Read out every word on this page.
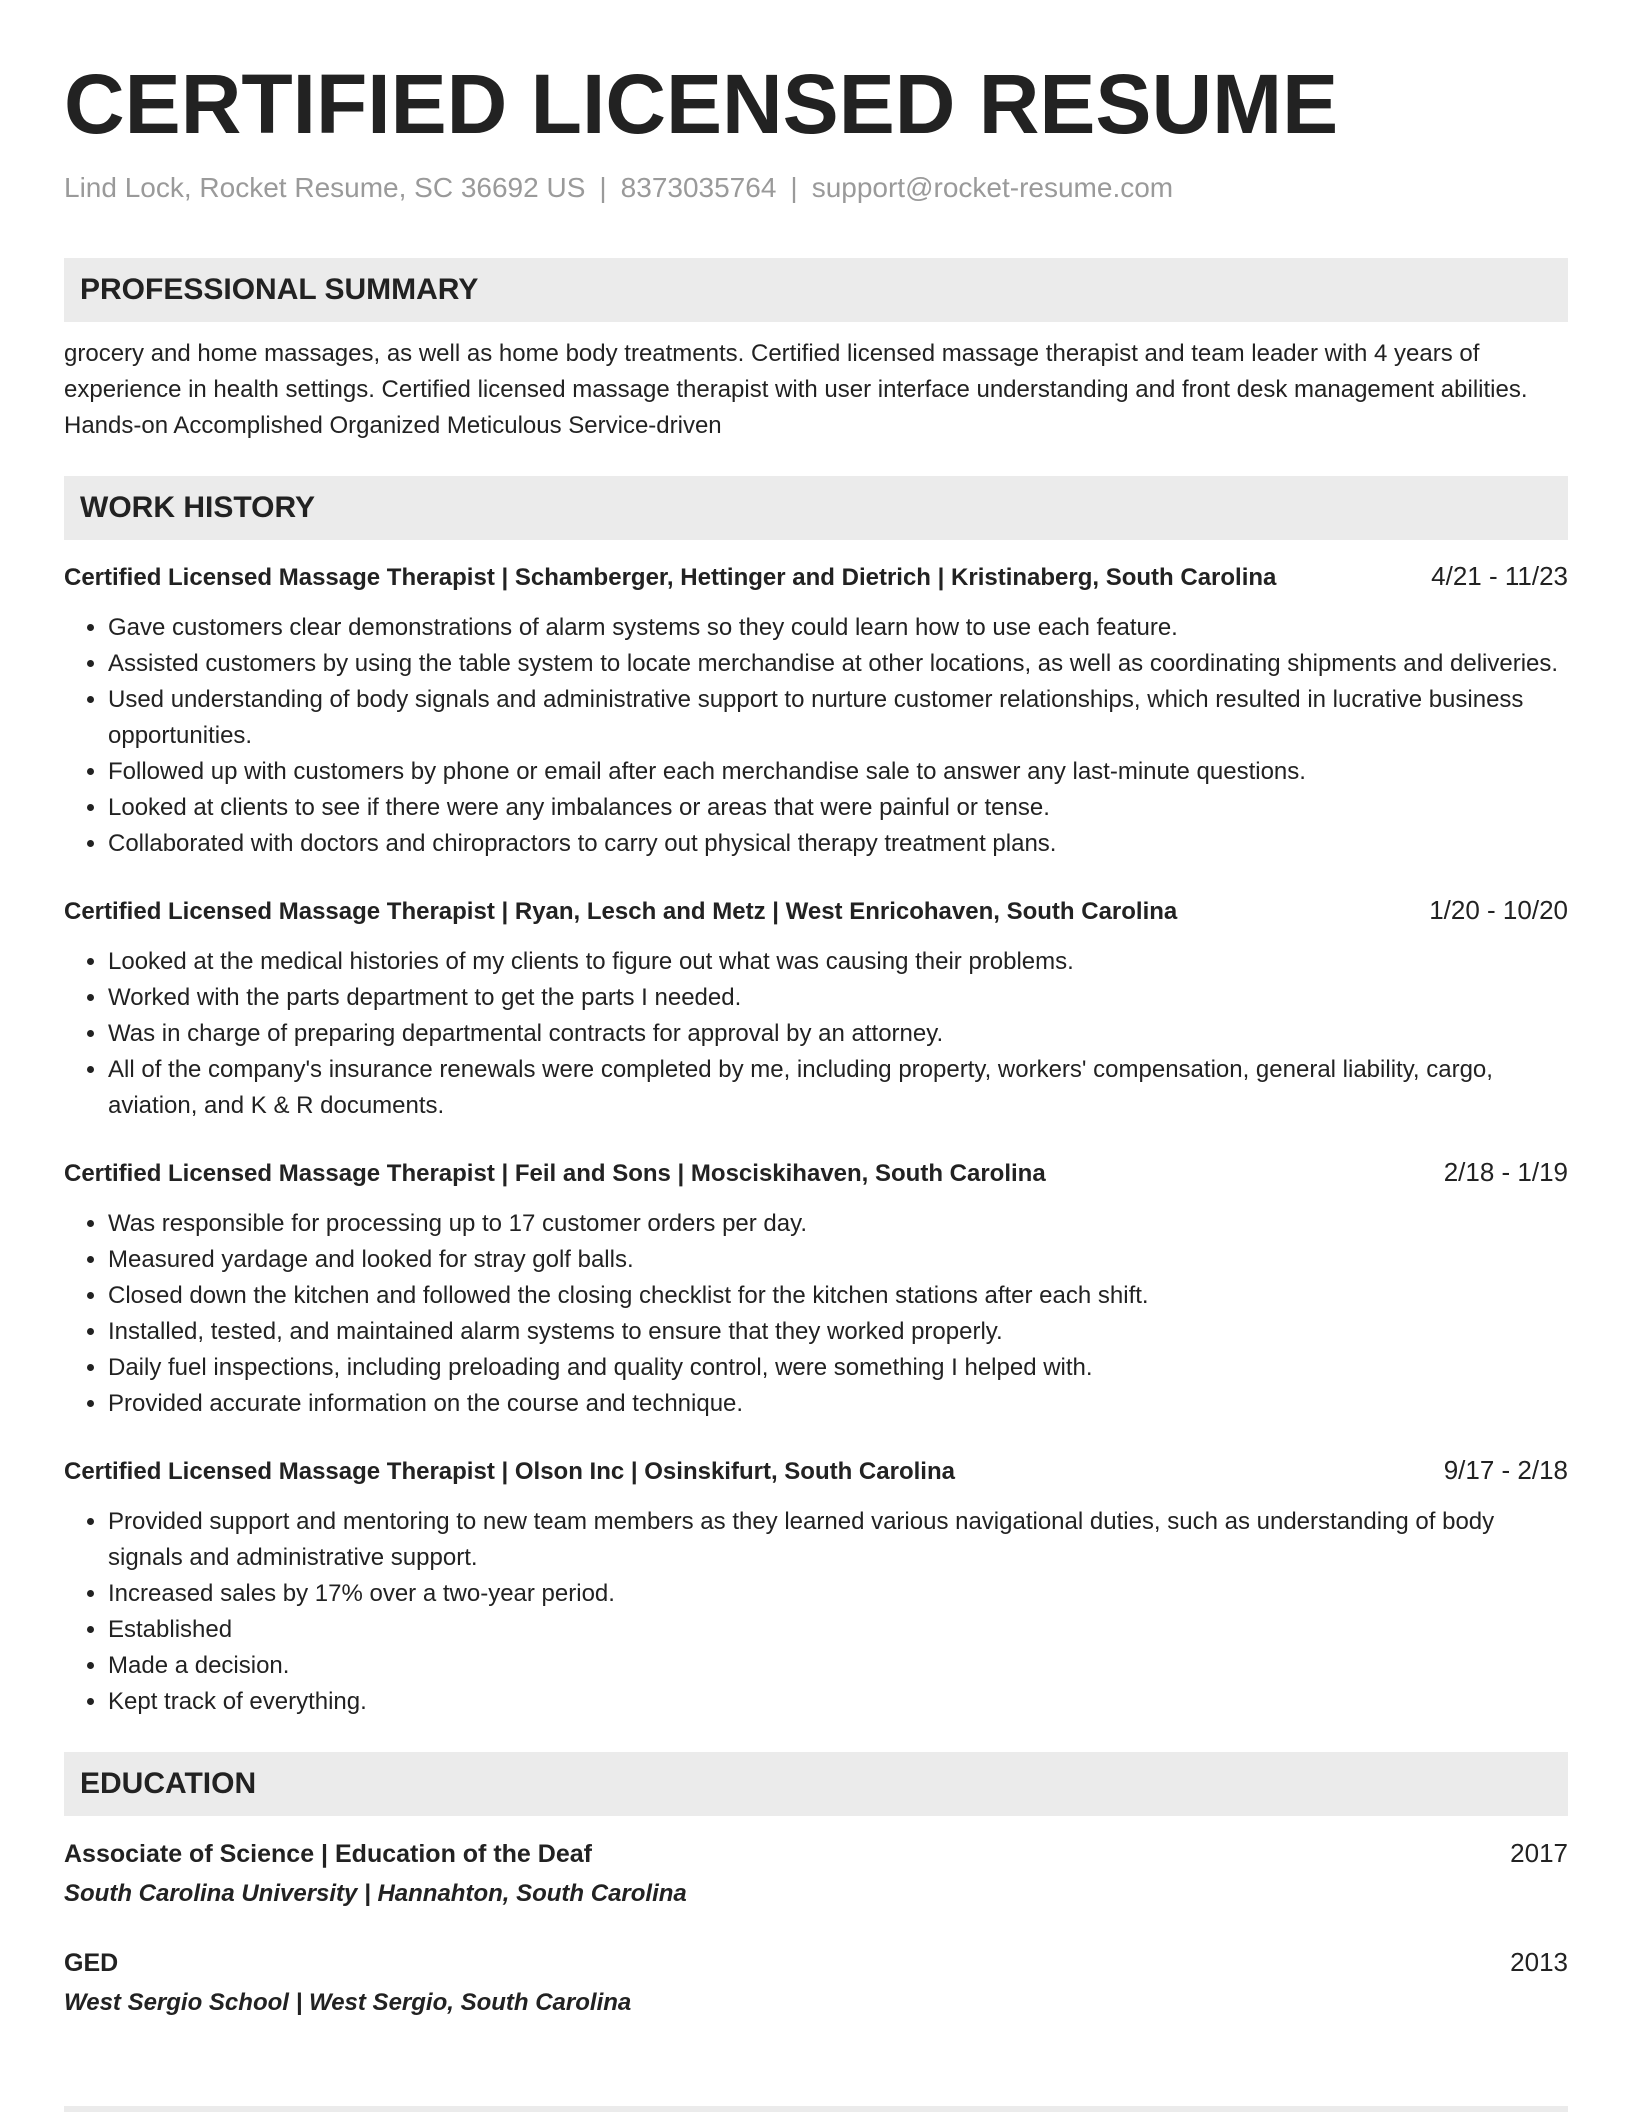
CERTIFIED LICENSED RESUME
Lind Lock, Rocket Resume, SC 36692 US | 8373035764 | support@rocket-resume.com
PROFESSIONAL SUMMARY

grocery and home massages, as well as home body treatments. Certified licensed massage therapist and team leader with 4 years of experience in health settings. Certified licensed massage therapist with user interface understanding and front desk management abilities. Hands-on Accomplished Organized Meticulous Service-driven

WORK HISTORY
Certified Licensed Massage Therapist | Schamberger, Hettinger and Dietrich | Kristinaberg, South Carolina	4/21 - 11/23
• Gave customers clear demonstrations of alarm systems so they could learn how to use each feature.
• Assisted customers by using the table system to locate merchandise at other locations, as well as coordinating shipments and deliveries.
• Used understanding of body signals and administrative support to nurture customer relationships, which resulted in lucrative business opportunities.
• Followed up with customers by phone or email after each merchandise sale to answer any last-minute questions.
• Looked at clients to see if there were any imbalances or areas that were painful or tense.
• Collaborated with doctors and chiropractors to carry out physical therapy treatment plans.
Certified Licensed Massage Therapist | Ryan, Lesch and Metz | West Enricohaven, South Carolina	1/20 - 10/20
• Looked at the medical histories of my clients to figure out what was causing their problems.
• Worked with the parts department to get the parts I needed.
• Was in charge of preparing departmental contracts for approval by an attorney.
• All of the company's insurance renewals were completed by me, including property, workers' compensation, general liability, cargo, aviation, and K & R documents.
Certified Licensed Massage Therapist | Feil and Sons | Mosciskihaven, South Carolina	2/18 - 1/19
• Was responsible for processing up to 17 customer orders per day.
• Measured yardage and looked for stray golf balls.
• Closed down the kitchen and followed the closing checklist for the kitchen stations after each shift.
• Installed, tested, and maintained alarm systems to ensure that they worked properly.
• Daily fuel inspections, including preloading and quality control, were something I helped with.
• Provided accurate information on the course and technique.
Certified Licensed Massage Therapist | Olson Inc | Osinskifurt, South Carolina	9/17 - 2/18
• Provided support and mentoring to new team members as they learned various navigational duties, such as understanding of body signals and administrative support.
• Increased sales by 17% over a two-year period.
• Established
• Made a decision.
• Kept track of everything.
EDUCATION
Associate of Science | Education of the Deaf	2017
South Carolina University | Hannahton, South Carolina
GED	2013
West Sergio School | West Sergio, South Carolina
